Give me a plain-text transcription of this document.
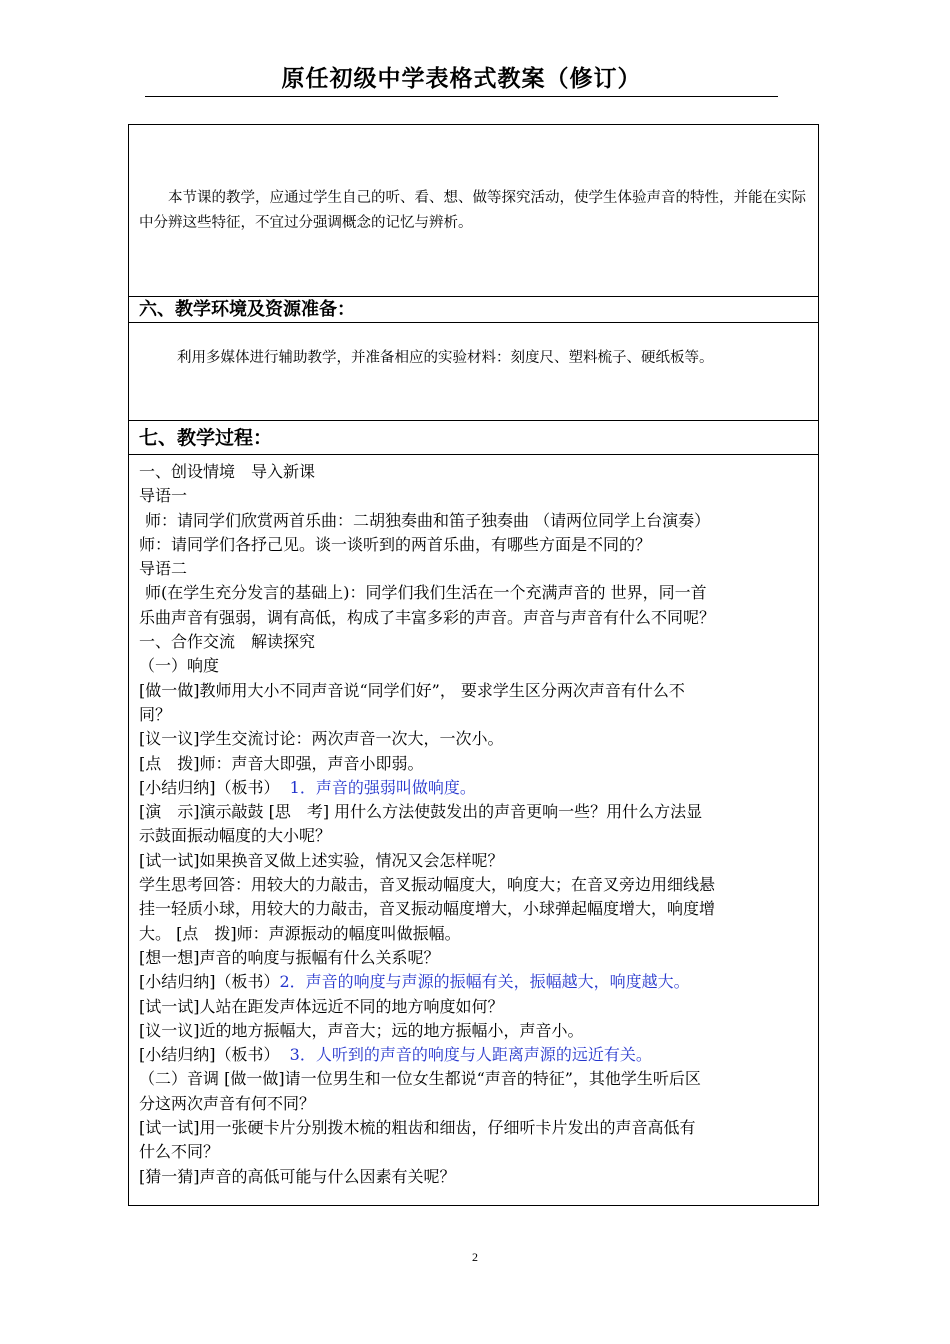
原任初级中学表格式教案（修订）
本节课的教学，应通过学生自己的听、看、想、做等探究活动，使学生体验声音的特性，并能在实际中分辨这些特征，不宜过分强调概念的记忆与辨析。
六、教学环境及资源准备：
利用多媒体进行辅助教学，并准备相应的实验材料：刻度尺、塑料梳子、硬纸板等。
七、教学过程：
一、创设情境　导入新课
导语一
师：请同学们欣赏两首乐曲：二胡独奏曲和笛子独奏曲 （请两位同学上台演奏）
师：请同学们各抒己见。谈一谈听到的两首乐曲，有哪些方面是不同的？
导语二
师(在学生充分发言的基础上)：同学们我们生活在一个充满声音的 世界，同一首
乐曲声音有强弱，调有高低，构成了丰富多彩的声音。声音与声音有什么不同呢？
一、合作交流　解读探究
（一）响度
[做一做]教师用大小不同声音说“同学们好”， 要求学生区分两次声音有什么不
同？
[议一议]学生交流讨论：两次声音一次大，一次小。
[点　拨]师：声音大即强，声音小即弱。
[小结归纳]（板书） 1．声音的强弱叫做响度。
[演　示]演示敲鼓 [思　考] 用什么方法使鼓发出的声音更响一些？用什么方法显
示鼓面振动幅度的大小呢？
[试一试]如果换音叉做上述实验，情况又会怎样呢？
学生思考回答：用较大的力敲击，音叉振动幅度大，响度大；在音叉旁边用细线悬
挂一轻质小球，用较大的力敲击，音叉振动幅度增大，小球弹起幅度增大，响度增
大。 [点　拨]师：声源振动的幅度叫做振幅。
[想一想]声音的响度与振幅有什么关系呢？
[小结归纳]（板书）2．声音的响度与声源的振幅有关，振幅越大，响度越大。
[试一试]人站在距发声体远近不同的地方响度如何？
[议一议]近的地方振幅大，声音大；远的地方振幅小，声音小。
[小结归纳]（板书） 3．人听到的声音的响度与人距离声源的远近有关。
（二）音调 [做一做]请一位男生和一位女生都说“声音的特征”，其他学生听后区
分这两次声音有何不同？
[试一试]用一张硬卡片分别拨木梳的粗齿和细齿，仔细听卡片发出的声音高低有
什么不同？
[猜一猜]声音的高低可能与什么因素有关呢？
2
